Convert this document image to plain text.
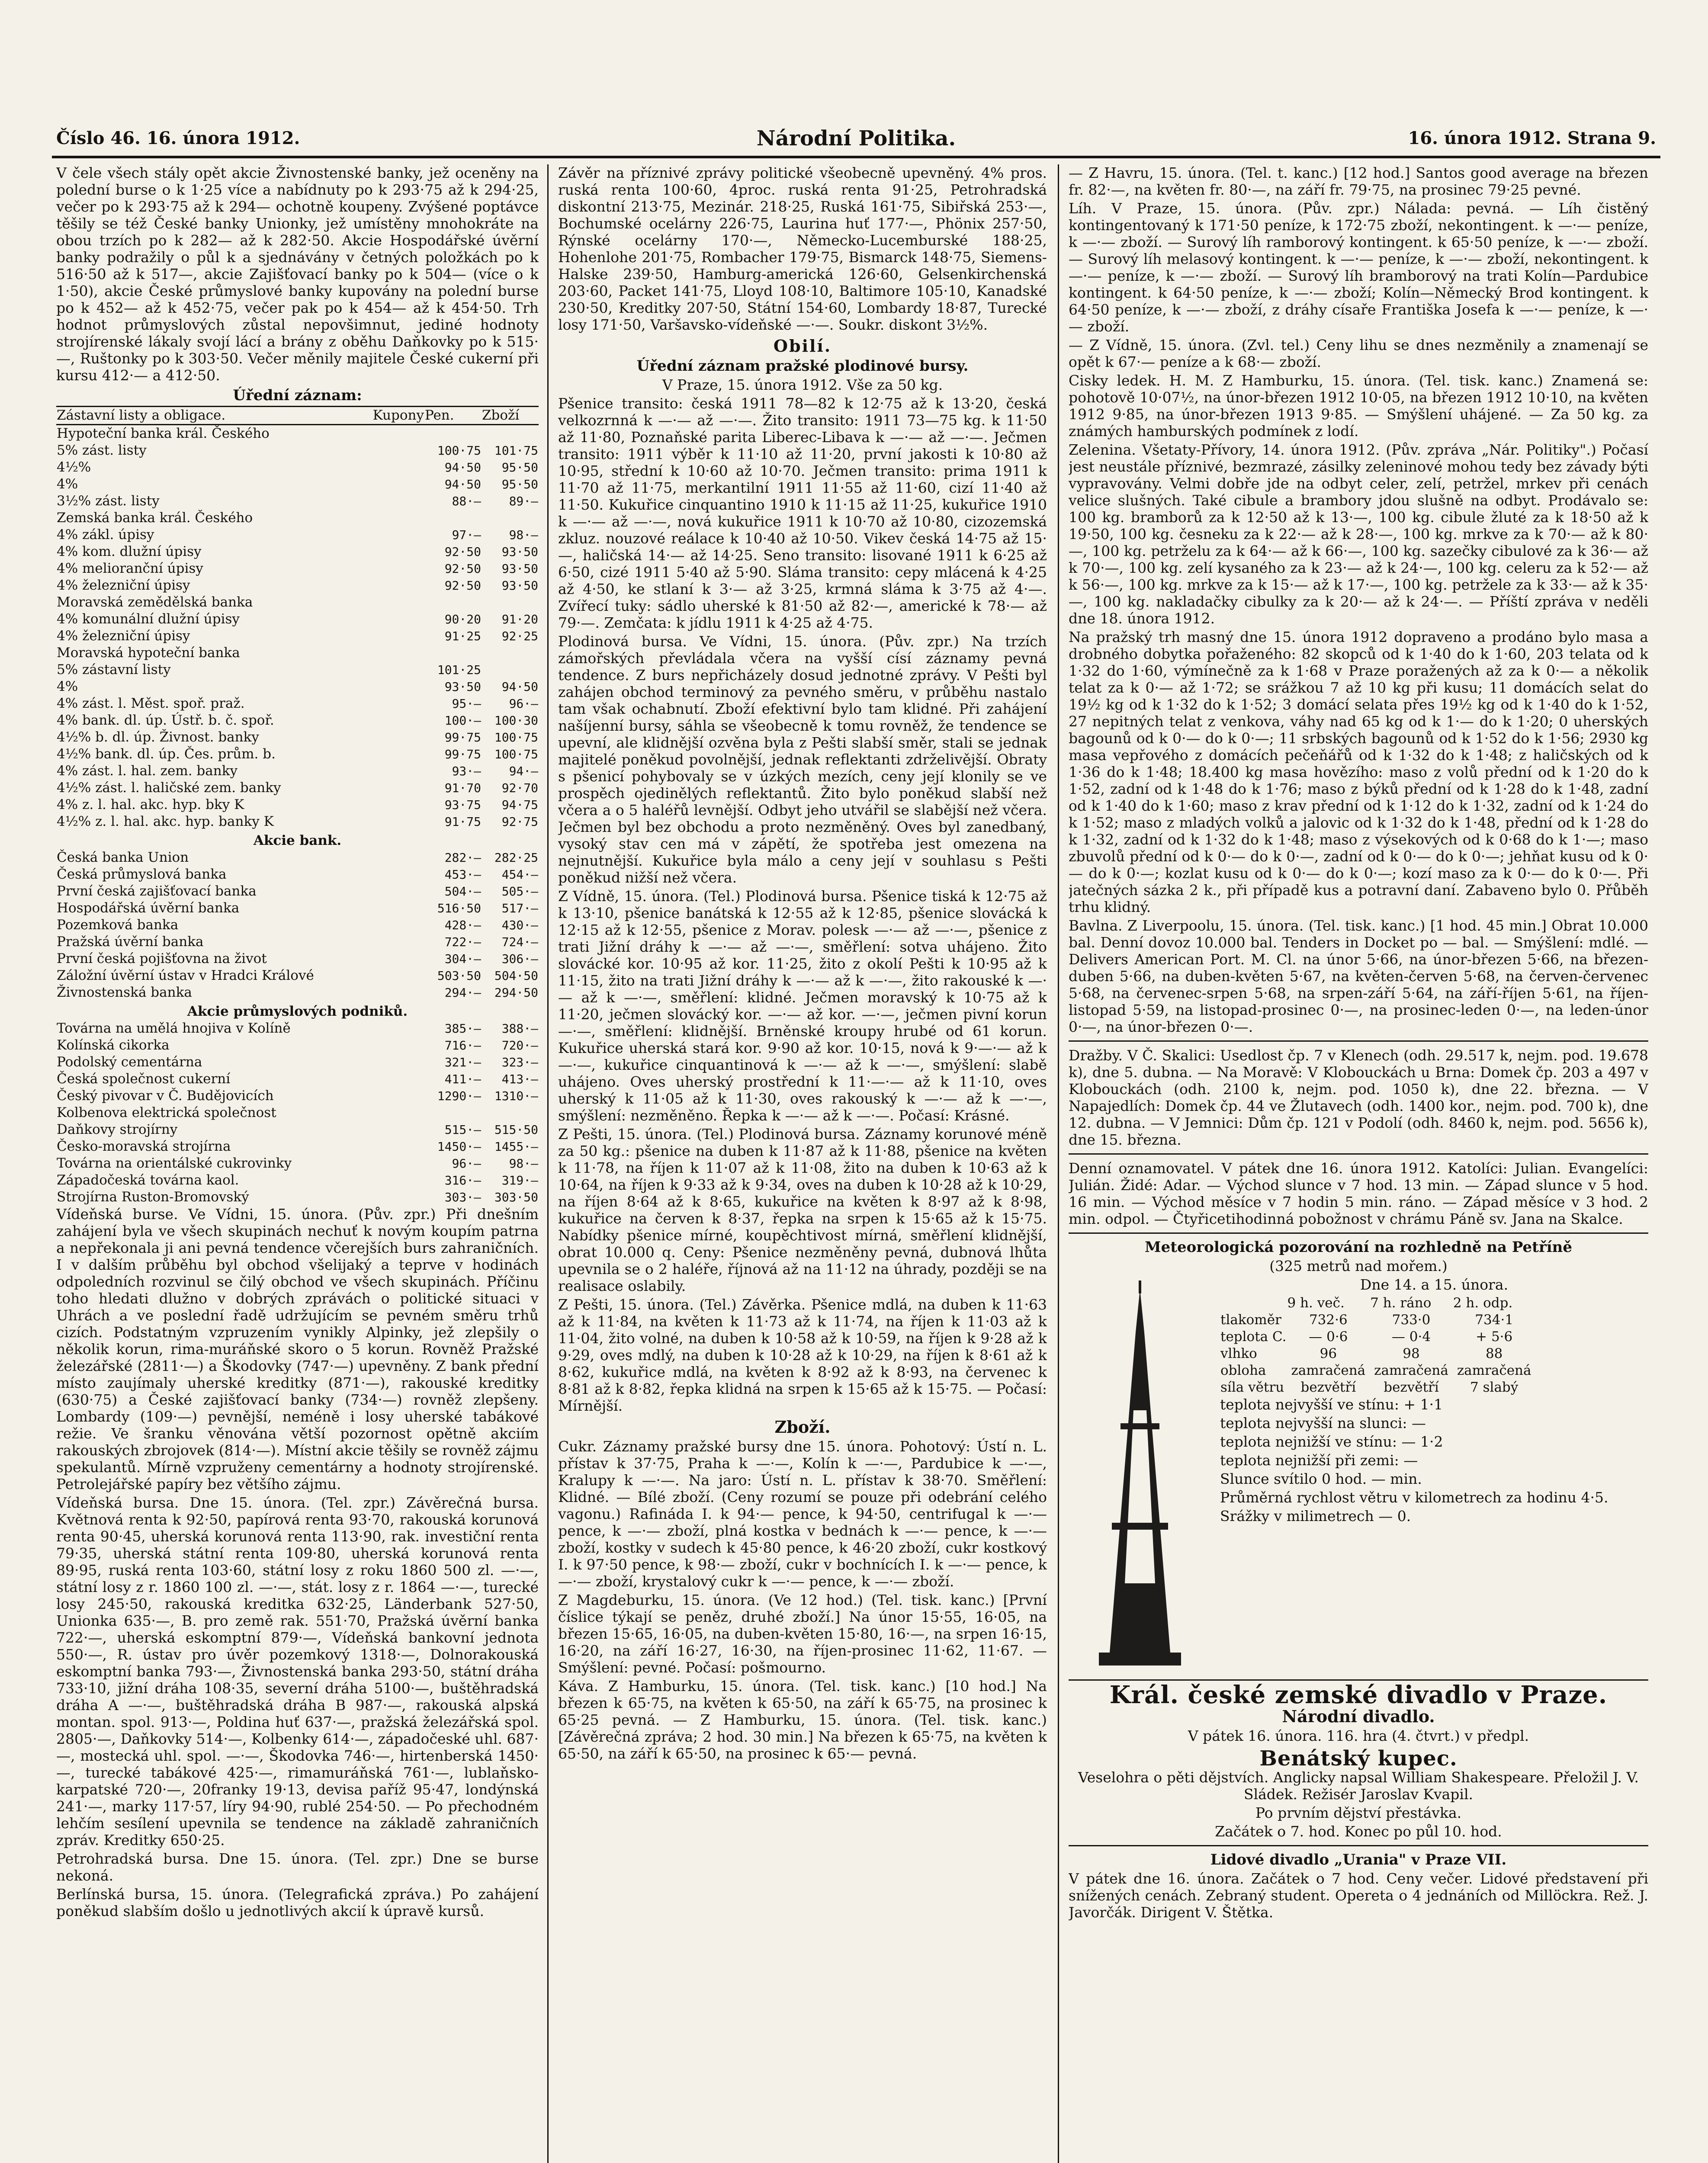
Číslo 46. 16. února 1912.	Národní Politika.	16. února 1912. Strana 9.

V čele všech stály opět akcie Živnostenské banky, jež oceněny na polední burse o k 1·25 více a nabídnuty po k 293·75 až k 294·25, večer po k 293·75 až k 294— ochotně koupeny. Zvýšené poptávce těšily se též České banky Unionky, jež umístěny mnohokráte na obou trzích po k 282— až k 282·50. Akcie Hospodářské úvěrní banky podražily o půl k a sjednávány v četných položkách po k 516·50 až k 517—, akcie Zajišťovací banky po k 504— (více o k 1·50), akcie České průmyslové banky kupovány na polední burse po k 452— až k 452·75, večer pak po k 454— až k 454·50. Trh hodnot průmyslových zůstal nepovšimnut, jediné hodnoty strojírenské lákaly svojí lácí a brány z oběhu Daňkovky po k 515·—, Ruštonky po k 303·50. Večer měnily majitele České cukerní při kursu 412·— a 412·50.

Úřední záznam:
Zástavní listy a obligace.	Kupony	Pen.	Zboží
Hypoteční banka král. Českého			
5% zást. listy		100·75	101·75
4½%		94·50	95·50
4%		94·50	95·50
3½% zást. listy		88·—	89·—
Zemská banka král. Českého			
4% zákl. úpisy		97·—	98·—
4% kom. dlužní úpisy		92·50	93·50
4% melioranční úpisy		92·50	93·50
4% železniční úpisy		92·50	93·50
Moravská zemědělská banka			
4% komunální dlužní úpisy		90·20	91·20
4% železniční úpisy		91·25	92·25
Moravská hypoteční banka			
5% zástavní listy		101·25	
4%		93·50	94·50
4% zást. l. Měst. spoř. praž.		95·—	96·—
4% bank. dl. úp. Ústř. b. č. spoř.		100·—	100·30
4½% b. dl. úp. Živnost. banky		99·75	100·75
4½% bank. dl. úp. Čes. prům. b.		99·75	100·75
4% zást. l. hal. zem. banky		93·—	94·—
4½% zást. l. haličské zem. banky		91·70	92·70
4% z. l. hal. akc. hyp. bky K		93·75	94·75
4½% z. l. hal. akc. hyp. banky K		91·75	92·75
Akcie bank.			
Česká banka Union		282·—	282·25
Česká průmyslová banka		453·—	454·—
První česká zajišťovací banka		504·—	505·—
Hospodářská úvěrní banka		516·50	517·—
Pozemková banka		428·—	430·—
Pražská úvěrní banka		722·—	724·—
První česká pojišťovna na život		304·—	306·—
Záložní úvěrní ústav v Hradci Králové		503·50	504·50
Živnostenská banka		294·—	294·50
Akcie průmyslových podniků.			
Továrna na umělá hnojiva v Kolíně		385·—	388·—
Kolínská cikorka		716·—	720·—
Podolský cementárna		321·—	323·—
Česká společnost cukerní		411·—	413·—
Český pivovar v Č. Budějovicích		1290·—	1310·—
Kolbenova elektrická společnost			
Daňkovy strojírny		515·—	515·50
Česko-moravská strojírna		1450·—	1455·—
Továrna na orientálské cukrovinky		96·—	98·—
Západočeská továrna kaol.		316·—	319·—
Strojírna Ruston-Bromovský		303·—	303·50

Vídeňská burse. Ve Vídni, 15. února. (Pův. zpr.) Při dnešním zahájení byla ve všech skupinách nechuť k novým koupím patrna a nepřekonala ji ani pevná tendence včerejších burs zahraničních. I v dalším průběhu byl obchod všelijaký a teprve v hodinách odpoledních rozvinul se čilý obchod ve všech skupinách. Příčinu toho hledati dlužno v dobrých zprávách o politické situaci v Uhrách a ve poslední řadě udržujícím se pevném směru trhů cizích. Podstatným vzpruzením vynikly Alpinky, jež zlepšily o několik korun, rima-muráňské skoro o 5 korun. Rovněž Pražské železářské (2811·—) a Škodovky (747·—) upevněny. Z bank přední místo zaujímaly uherské kreditky (871·—), rakouské kreditky (630·75) a České zajišťovací banky (734·—) rovněž zlepšeny. Lombardy (109·—) pevnější, neméně i losy uherské tabákové režie. Ve šranku věnována větší pozornost opětně akciím rakouských zbrojovek (814·—). Místní akcie těšily se rovněž zájmu spekulantů. Mírně vzpruženy cementárny a hodnoty strojírenské. Petrolejářské papíry bez většího zájmu.

Vídeňská bursa. Dne 15. února. (Tel. zpr.) Závěrečná bursa. Květnová renta k 92·50, papírová renta 93·70, rakouská korunová renta 90·45, uherská korunová renta 113·90, rak. investiční renta 79·35, uherská státní renta 109·80, uherská korunová renta 89·95, ruská renta 103·60, státní losy z roku 1860 500 zl. —·—, státní losy z r. 1860 100 zl. —·—, stát. losy z r. 1864 —·—, turecké losy 245·50, rakouská kreditka 632·25, Länderbank 527·50, Unionka 635·—, B. pro země rak. 551·70, Pražská úvěrní banka 722·—, uherská eskomptní 879·—, Vídeňská bankovní jednota 550·—, R. ústav pro úvěr pozemkový 1318·—, Dolnorakouská eskomptní banka 793·—, Živnostenská banka 293·50, státní dráha 733·10, jižní dráha 108·35, severní dráha 5100·—, buštěhradská dráha A —·—, buštěhradská dráha B 987·—, rakouská alpská montan. spol. 913·—, Poldina huť 637·—, pražská železářská spol. 2805·—, Daňkovky 514·—, Kolbenky 614·—, západočeské uhl. 687·—, mostecká uhl. spol. —·—, Škodovka 746·—, hirtenberská 1450·—, turecké tabákové 425·—, rimamuráňská 761·—, lublaňsko-karpatské 720·—, 20franky 19·13, devisa paříž 95·47, londýnská 241·—, marky 117·57, líry 94·90, rublé 254·50. — Po přechodném lehčím sesílení upevnila se tendence na základě zahraničních zpráv. Kreditky 650·25.

Petrohradská bursa. Dne 15. února. (Tel. zpr.) Dne se burse nekoná.

Berlínská bursa, 15. února. (Telegrafická zpráva.) Po zahájení poněkud slabším došlo u jednotlivých akcií k úpravě kursů.

Závěr na příznivé zprávy politické všeobecně upevněný. 4% pros. ruská renta 100·60, 4proc. ruská renta 91·25, Petrohradská diskontní 213·75, Mezinár. 218·25, Ruská 161·75, Sibiřská 253·—, Bochumské ocelárny 226·75, Laurina huť 177·—, Phönix 257·50, Rýnské ocelárny 170·—, Německo-Lucemburské 188·25, Hohenlohe 201·75, Rombacher 179·75, Bismarck 148·75, Siemens-Halske 239·50, Hamburg-americká 126·60, Gelsenkirchenská 203·60, Packet 141·75, Lloyd 108·10, Baltimore 105·10, Kanadské 230·50, Kreditky 207·50, Státní 154·60, Lombardy 18·87, Turecké losy 171·50, Varšavsko-vídeňské —·—. Soukr. diskont 3½%.

Obilí.
Úřední záznam pražské plodinové bursy.

V Praze, 15. února 1912. Vše za 50 kg.

Pšenice transito: česká 1911 78—82 k 12·75 až k 13·20, česká velkozrnná k —·— až —·—. Žito transito: 1911 73—75 kg. k 11·50 až 11·80, Poznaňské parita Liberec-Libava k —·— až —·—. Ječmen transito: 1911 výběr k 11·10 až 11·20, první jakosti k 10·80 až 10·95, střední k 10·60 až 10·70. Ječmen transito: prima 1911 k 11·70 až 11·75, merkantilní 1911 11·55 až 11·60, cizí 11·40 až 11·50. Kukuřice cinquantino 1910 k 11·15 až 11·25, kukuřice 1910 k —·— až —·—, nová kukuřice 1911 k 10·70 až 10·80, cizozemská zkluz. nouzové reálace k 10·40 až 10·50. Vikev česká 14·75 až 15·—, haličská 14·— až 14·25. Seno transito: lisované 1911 k 6·25 až 6·50, cizé 1911 5·40 až 5·90. Sláma transito: cepy mlácená k 4·25 až 4·50, ke stlaní k 3·— až 3·25, krmná sláma k 3·75 až 4·—. Zvířecí tuky: sádlo uherské k 81·50 až 82·—, americké k 78·— až 79·—. Zemčata: k jídlu 1911 k 4·25 až 4·75.

Plodinová bursa. Ve Vídni, 15. února. (Pův. zpr.) Na trzích zámořských převládala včera na vyšší císí záznamy pevná tendence. Z burs nepřicházely dosud jednotné zprávy. V Pešti byl zahájen obchod terminový za pevného směru, v průběhu nastalo tam však ochabnutí. Zboží efektivní bylo tam klidné. Při zahájení našíjenní bursy, sáhla se všeobecně k tomu rovněž, že tendence se upevní, ale klidnější ozvěna byla z Pešti slabší směr, stali se jednak majitelé poněkud povolnější, jednak reflektanti zdrželivější. Obraty s pšenicí pohybovaly se v úzkých mezích, ceny její klonily se ve prospěch ojedinělých reflektantů. Žito bylo poněkud slabší než včera a o 5 haléřů levnější. Odbyt jeho utvářil se slabější než včera. Ječmen byl bez obchodu a proto nezměněný. Oves byl zanedbaný, vysoký stav cen má v zápětí, že spotřeba jest omezena na nejnutnější. Kukuřice byla málo a ceny její v souhlasu s Pešti poněkud nižší než včera.

Z Vídně, 15. února. (Tel.) Plodinová bursa. Pšenice tiská k 12·75 až k 13·10, pšenice banátská k 12·55 až k 12·85, pšenice slovácká k 12·15 až k 12·55, pšenice z Morav. polesk —·— až —·—, pšenice z trati Jižní dráhy k —·— až —·—, směřlení: sotva uhájeno. Žito slovácké kor. 10·95 až kor. 11·25, žito z okolí Pešti k 10·95 až k 11·15, žito na trati Jižní dráhy k —·— až k —·—, žito rakouské k —·— až k —·—, směřlení: klidné. Ječmen moravský k 10·75 až k 11·20, ječmen slovácký kor. —·— až kor. —·—, ječmen pivní korun —·—, směřlení: klidnější. Brněnské kroupy hrubé od 61 korun. Kukuřice uherská stará kor. 9·90 až kor. 10·15, nová k 9·—·— až k —·—, kukuřice cinquantinová k —·— až k —·—, smýšlení: slabě uhájeno. Oves uherský prostřední k 11·—·— až k 11·10, oves uherský k 11·05 až k 11·30, oves rakouský k —·— až k —·—, smýšlení: nezměněno. Řepka k —·— až k —·—. Počasí: Krásné.

Z Pešti, 15. února. (Tel.) Plodinová bursa. Záznamy korunové méně za 50 kg.: pšenice na duben k 11·87 až k 11·88, pšenice na květen k 11·78, na říjen k 11·07 až k 11·08, žito na duben k 10·63 až k 10·64, na říjen k 9·33 až k 9·34, oves na duben k 10·28 až k 10·29, na říjen 8·64 až k 8·65, kukuřice na květen k 8·97 až k 8·98, kukuřice na červen k 8·37, řepka na srpen k 15·65 až k 15·75. Nabídky pšenice mírné, koupěchtivost mírná, směřlení klidnější, obrat 10.000 q. Ceny: Pšenice nezměněny pevná, dubnová lhůta upevnila se o 2 haléře, říjnová až na 11·12 na úhrady, později se na realisace oslabily.

Z Pešti, 15. února. (Tel.) Závěrka. Pšenice mdlá, na duben k 11·63 až k 11·84, na květen k 11·73 až k 11·74, na říjen k 11·03 až k 11·04, žito volné, na duben k 10·58 až k 10·59, na říjen k 9·28 až k 9·29, oves mdlý, na duben k 10·28 až k 10·29, na říjen k 8·61 až k 8·62, kukuřice mdlá, na květen k 8·92 až k 8·93, na červenec k 8·81 až k 8·82, řepka klidná na srpen k 15·65 až k 15·75. — Počasí: Mírnější.

Zboží.

Cukr. Záznamy pražské bursy dne 15. února. Pohotový: Ústí n. L. přístav k 37·75, Praha k —·—, Kolín k —·—, Pardubice k —·—, Kralupy k —·—. Na jaro: Ústí n. L. přístav k 38·70. Směřlení: Klidné. — Bílé zboží. (Ceny rozumí se pouze při odebrání celého vagonu.) Rafináda I. k 94·— pence, k 94·50, centrifugal k —·— pence, k —·— zboží, plná kostka v bednách k —·— pence, k —·— zboží, kostky v sudech k 45·80 pence, k 46·20 zboží, cukr kostkový I. k 97·50 pence, k 98·— zboží, cukr v bochnících I. k —·— pence, k —·— zboží, krystalový cukr k —·— pence, k —·— zboží.

Z Magdeburku, 15. února. (Ve 12 hod.) (Tel. tisk. kanc.) [První číslice týkají se peněz, druhé zboží.] Na únor 15·55, 16·05, na březen 15·65, 16·05, na duben-květen 15·80, 16·—, na srpen 16·15, 16·20, na září 16·27, 16·30, na říjen-prosinec 11·62, 11·67. — Smýšlení: pevné. Počasí: pošmourno.

Káva. Z Hamburku, 15. února. (Tel. tisk. kanc.) [10 hod.] Na březen k 65·75, na květen k 65·50, na září k 65·75, na prosinec k 65·25 pevná. — Z Hamburku, 15. února. (Tel. tisk. kanc.) [Závěrečná zpráva; 2 hod. 30 min.] Na březen k 65·75, na květen k 65·50, na září k 65·50, na prosinec k 65·— pevná.

— Z Havru, 15. února. (Tel. t. kanc.) [12 hod.] Santos good average na březen fr. 82·—, na květen fr. 80·—, na září fr. 79·75, na prosinec 79·25 pevné.

Líh. V Praze, 15. února. (Pův. zpr.) Nálada: pevná. — Líh čistěný kontingentovaný k 171·50 peníze, k 172·75 zboží, nekontingent. k —·— peníze, k —·— zboží. — Surový líh ramborový kontingent. k 65·50 peníze, k —·— zboží. — Surový líh melasový kontingent. k —·— peníze, k —·— zboží, nekontingent. k —·— peníze, k —·— zboží. — Surový líh bramborový na trati Kolín—Pardubice kontingent. k 64·50 peníze, k —·— zboží; Kolín—Německý Brod kontingent. k 64·50 peníze, k —·— zboží, z dráhy císaře Františka Josefa k —·— peníze, k —·— zboží.

— Z Vídně, 15. února. (Zvl. tel.) Ceny lihu se dnes nezměnily a znamenají se opět k 67·— peníze a k 68·— zboží.

Cisky ledek. H. M. Z Hamburku, 15. února. (Tel. tisk. kanc.) Znamená se: pohotově 10·07½, na únor-březen 1912 10·05, na březen 1912 10·10, na květen 1912 9·85, na únor-březen 1913 9·85. — Smýšlení uhájené. — Za 50 kg. za známých hamburských podmínek z lodí.

Zelenina. Všetaty-Přívory, 14. února 1912. (Pův. zpráva „Nár. Politiky".) Počasí jest neustále příznivé, bezmrazé, zásilky zeleninové mohou tedy bez závady býti vypravovány. Velmi dobře jde na odbyt celer, zelí, petržel, mrkev při cenách velice slušných. Také cibule a brambory jdou slušně na odbyt. Prodávalo se: 100 kg. bramborů za k 12·50 až k 13·—, 100 kg. cibule žluté za k 18·50 až k 19·50, 100 kg. česneku za k 22·— až k 28·—, 100 kg. mrkve za k 70·— až k 80·—, 100 kg. petrželu za k 64·— až k 66·—, 100 kg. sazečky cibulové za k 36·— až k 70·—, 100 kg. zelí kysaného za k 23·— až k 24·—, 100 kg. celeru za k 52·— až k 56·—, 100 kg. mrkve za k 15·— až k 17·—, 100 kg. petržele za k 33·— až k 35·—, 100 kg. nakladačky cibulky za k 20·— až k 24·—. — Příští zpráva v neděli dne 18. února 1912.

Na pražský trh masný dne 15. února 1912 dopraveno a prodáno bylo masa a drobného dobytka pořaženého: 82 skopců od k 1·40 do k 1·60, 203 telata od k 1·32 do 1·60, výmínečně za k 1·68 v Praze poražených až za k 0·— a několik telat za k 0·— až 1·72; se srážkou 7 až 10 kg při kusu; 11 domácích selat do 19½ kg od k 1·32 do k 1·52; 3 domácí selata přes 19½ kg od k 1·40 do k 1·52, 27 nepitných telat z venkova, váhy nad 65 kg od k 1·— do k 1·20; 0 uherských bagounů od k 0·— do k 0·—; 11 srbských bagounů od k 1·52 do k 1·56; 2930 kg masa vepřového z domácích pečeňářů od k 1·32 do k 1·48; z haličských od k 1·36 do k 1·48; 18.400 kg masa hovězího: maso z volů přední od k 1·20 do k 1·52, zadní od k 1·48 do k 1·76; maso z býků přední od k 1·28 do k 1·48, zadní od k 1·40 do k 1·60; maso z krav přední od k 1·12 do k 1·32, zadní od k 1·24 do k 1·52; maso z mladých volků a jalovic od k 1·32 do k 1·48, přední od k 1·28 do k 1·32, zadní od k 1·32 do k 1·48; maso z výsekových od k 0·68 do k 1·—; maso zbuvolů přední od k 0·— do k 0·—, zadní od k 0·— do k 0·—; jehňat kusu od k 0·— do k 0·—; kozlat kusu od k 0·— do k 0·—; kozí maso za k 0·— do k 0·—. Při jatečných sázka 2 k., při případě kus a potravní daní. Zabaveno bylo 0. Přůběh trhu klidný.

Bavlna. Z Liverpoolu, 15. února. (Tel. tisk. kanc.) [1 hod. 45 min.] Obrat 10.000 bal. Denní dovoz 10.000 bal. Tenders in Docket po — bal. — Smýšlení: mdlé. — Delivers American Port. M. Cl. na únor 5·66, na únor-březen 5·66, na březen-duben 5·66, na duben-květen 5·67, na květen-červen 5·68, na červen-červenec 5·68, na červenec-srpen 5·68, na srpen-září 5·64, na září-říjen 5·61, na říjen-listopad 5·59, na listopad-prosinec 0·—, na prosinec-leden 0·—, na leden-únor 0·—, na únor-březen 0·—.

Dražby. V Č. Skalici: Usedlost čp. 7 v Klenech (odh. 29.517 k, nejm. pod. 19.678 k), dne 5. dubna. — Na Moravě: V Klobouckách u Brna: Domek čp. 203 a 497 v Klobouckách (odh. 2100 k, nejm. pod. 1050 k), dne 22. března. — V Napajedlích: Domek čp. 44 ve Žlutavech (odh. 1400 kor., nejm. pod. 700 k), dne 12. dubna. — V Jemnici: Dům čp. 121 v Podolí (odh. 8460 k, nejm. pod. 5656 k), dne 15. března.

Denní oznamovatel. V pátek dne 16. února 1912. Katolíci: Julian. Evangelíci: Julián. Židé: Adar. — Východ slunce v 7 hod. 13 min. — Západ slunce v 5 hod. 16 min. — Východ měsíce v 7 hodin 5 min. ráno. — Západ měsíce v 3 hod. 2 min. odpol. — Čtyřicetihodinná pobožnost v chrámu Páně sv. Jana na Skalce.

Meteorologická pozorování na rozhledně na Petříně

(325 metrů nad mořem.)

Dne 14. a 15. února.

	9 h. več.	7 h. ráno	2 h. odp.
tlakoměr	732·6	733·0	734·1
teplota C.	— 0·6	— 0·4	+ 5·6
vlhko	96	98	88
obloha	zamračená	zamračená	zamračená
síla větru	bezvětří	bezvětří	7 slabý

teplota nejvyšší ve stínu: + 1·1

teplota nejvyšší na slunci: —

teplota nejnižší ve stínu: — 1·2

teplota nejnižší při zemi: —

Slunce svítilo 0 hod. — min.

Průměrná rychlost větru v kilometrech za hodinu 4·5.

Srážky v milimetrech — 0.

Král. české zemské divadlo v Praze.
Národní divadlo.

V pátek 16. února. 116. hra (4. čtvrt.) v předpl.

Benátský kupec.

Veselohra o pěti dějstvích. Anglicky napsal William Shakespeare. Přeložil J. V. Sládek. Režisér Jaroslav Kvapil.

Po prvním dějství přestávka.

Začátek o 7. hod. Konec po půl 10. hod.

Lidové divadlo „Urania" v Praze VII.

V pátek dne 16. února. Začátek o 7 hod. Ceny večer. Lidové představení při snížených cenách. Zebraný student. Opereta o 4 jednáních od Millöckra. Rež. J. Javorčák. Dirigent V. Štětka.
